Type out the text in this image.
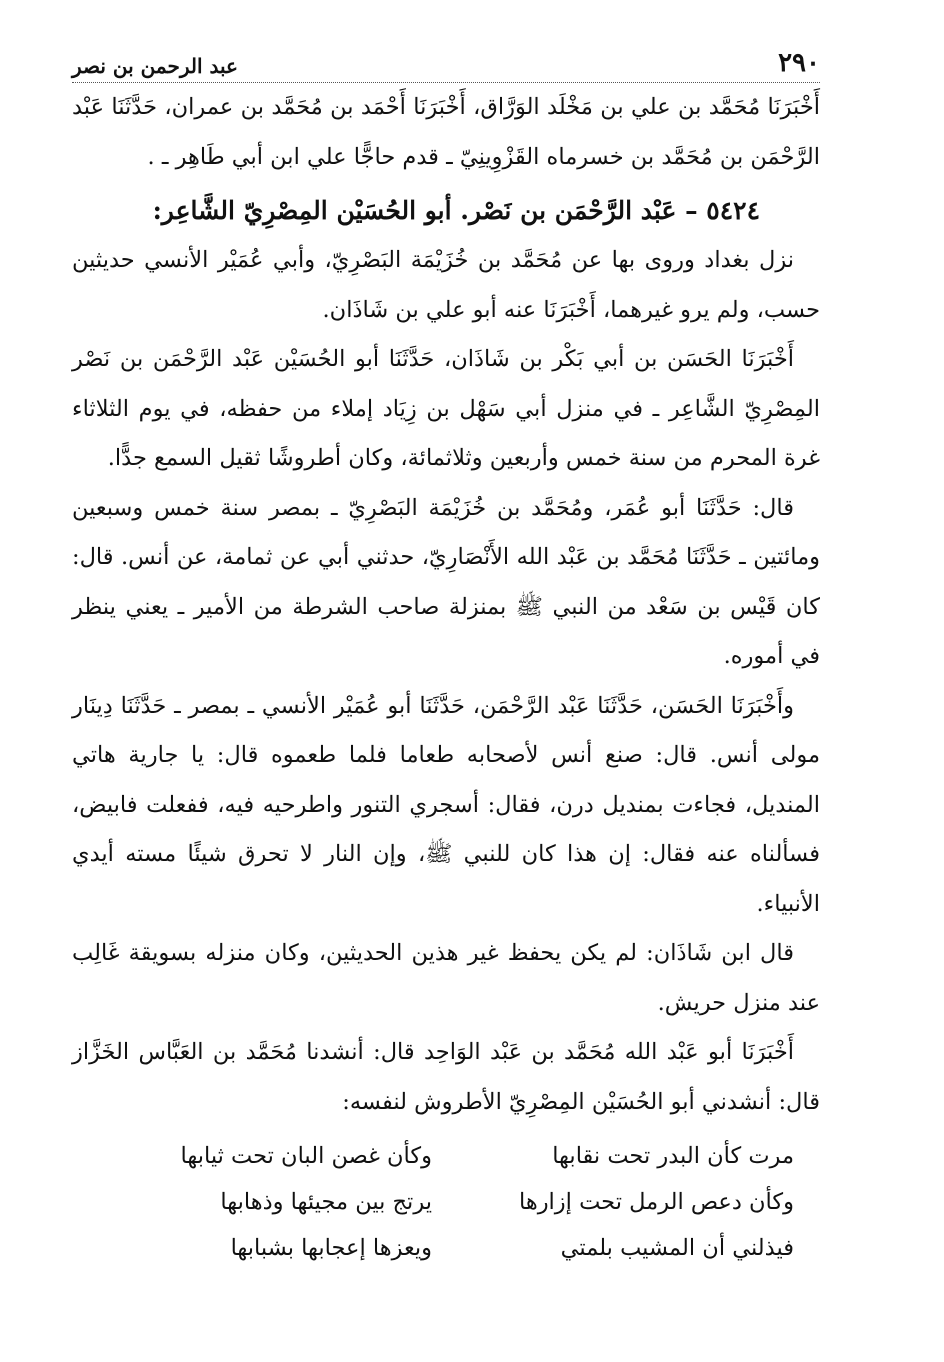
٢٩٠
عبد الرحمن بن نصر

أَخْبَرَنَا مُحَمَّد بن علي بن مَخْلَد الوَرَّاق، أَخْبَرَنَا أَحْمَد بن مُحَمَّد بن عمران، حَدَّثَنَا عَبْد الرَّحْمَن بن مُحَمَّد بن خسرماه القَزْوِينِيّ ـ قدم حاجًّا علي ابن أبي طَاهِر ـ .

٥٤٢٤ – عَبْد الرَّحْمَن بن نَصْر. أبو الحُسَيْن المِصْرِيّ الشَّاعِر:

نزل بغداد وروى بها عن مُحَمَّد بن خُزَيْمَة البَصْرِيّ، وأبي عُمَيْر الأنسي حديثين حسب، ولم يرو غيرهما، أَخْبَرَنَا عنه أبو علي بن شَاذَان.

أَخْبَرَنَا الحَسَن بن أبي بَكْر بن شَاذَان، حَدَّثَنَا أبو الحُسَيْن عَبْد الرَّحْمَن بن نَصْر المِصْرِيّ الشَّاعِر ـ في منزل أبي سَهْل بن زِيَاد إملاء من حفظه، في يوم الثلاثاء غرة المحرم من سنة خمس وأربعين وثلاثمائة، وكان أطروشًا ثقيل السمع جدًّا.

قال: حَدَّثَنَا أبو عُمَر، ومُحَمَّد بن خُزَيْمَة البَصْرِيّ ـ بمصر سنة خمس وسبعين ومائتين ـ حَدَّثَنَا مُحَمَّد بن عَبْد الله الأَنْصَارِيّ، حدثني أبي عن ثمامة، عن أنس. قال: كان قَيْس بن سَعْد من النبي ﷺ بمنزلة صاحب الشرطة من الأمير ـ يعني ينظر في أموره.

وأَخْبَرَنَا الحَسَن، حَدَّثَنَا عَبْد الرَّحْمَن، حَدَّثَنَا أبو عُمَيْر الأنسي ـ بمصر ـ حَدَّثَنَا دِينَار مولى أنس. قال: صنع أنس لأصحابه طعاما فلما طعموه قال: يا جارية هاتي المنديل، فجاءت بمنديل درن، فقال: أسجري التنور واطرحيه فيه، ففعلت فابيض، فسألناه عنه فقال: إن هذا كان للنبي ﷺ، وإن النار لا تحرق شيئًا مسته أيدي الأنبياء.

قال ابن شَاذَان: لم يكن يحفظ غير هذين الحديثين، وكان منزله بسويقة غَالِب عند منزل حريش.

أَخْبَرَنَا أبو عَبْد الله مُحَمَّد بن عَبْد الوَاحِد قال: أنشدنا مُحَمَّد بن العَبَّاس الخَزَّاز قال: أنشدني أبو الحُسَيْن المِصْرِيّ الأطروش لنفسه:

مرت كأن البدر تحت نقابها
وكأن غصن البان تحت ثيابها
وكأن دعص الرمل تحت إزارها
يرتج بين مجيئها وذهابها
فيذلني أن المشيب بلمتي
ويعزها إعجابها بشبابها
